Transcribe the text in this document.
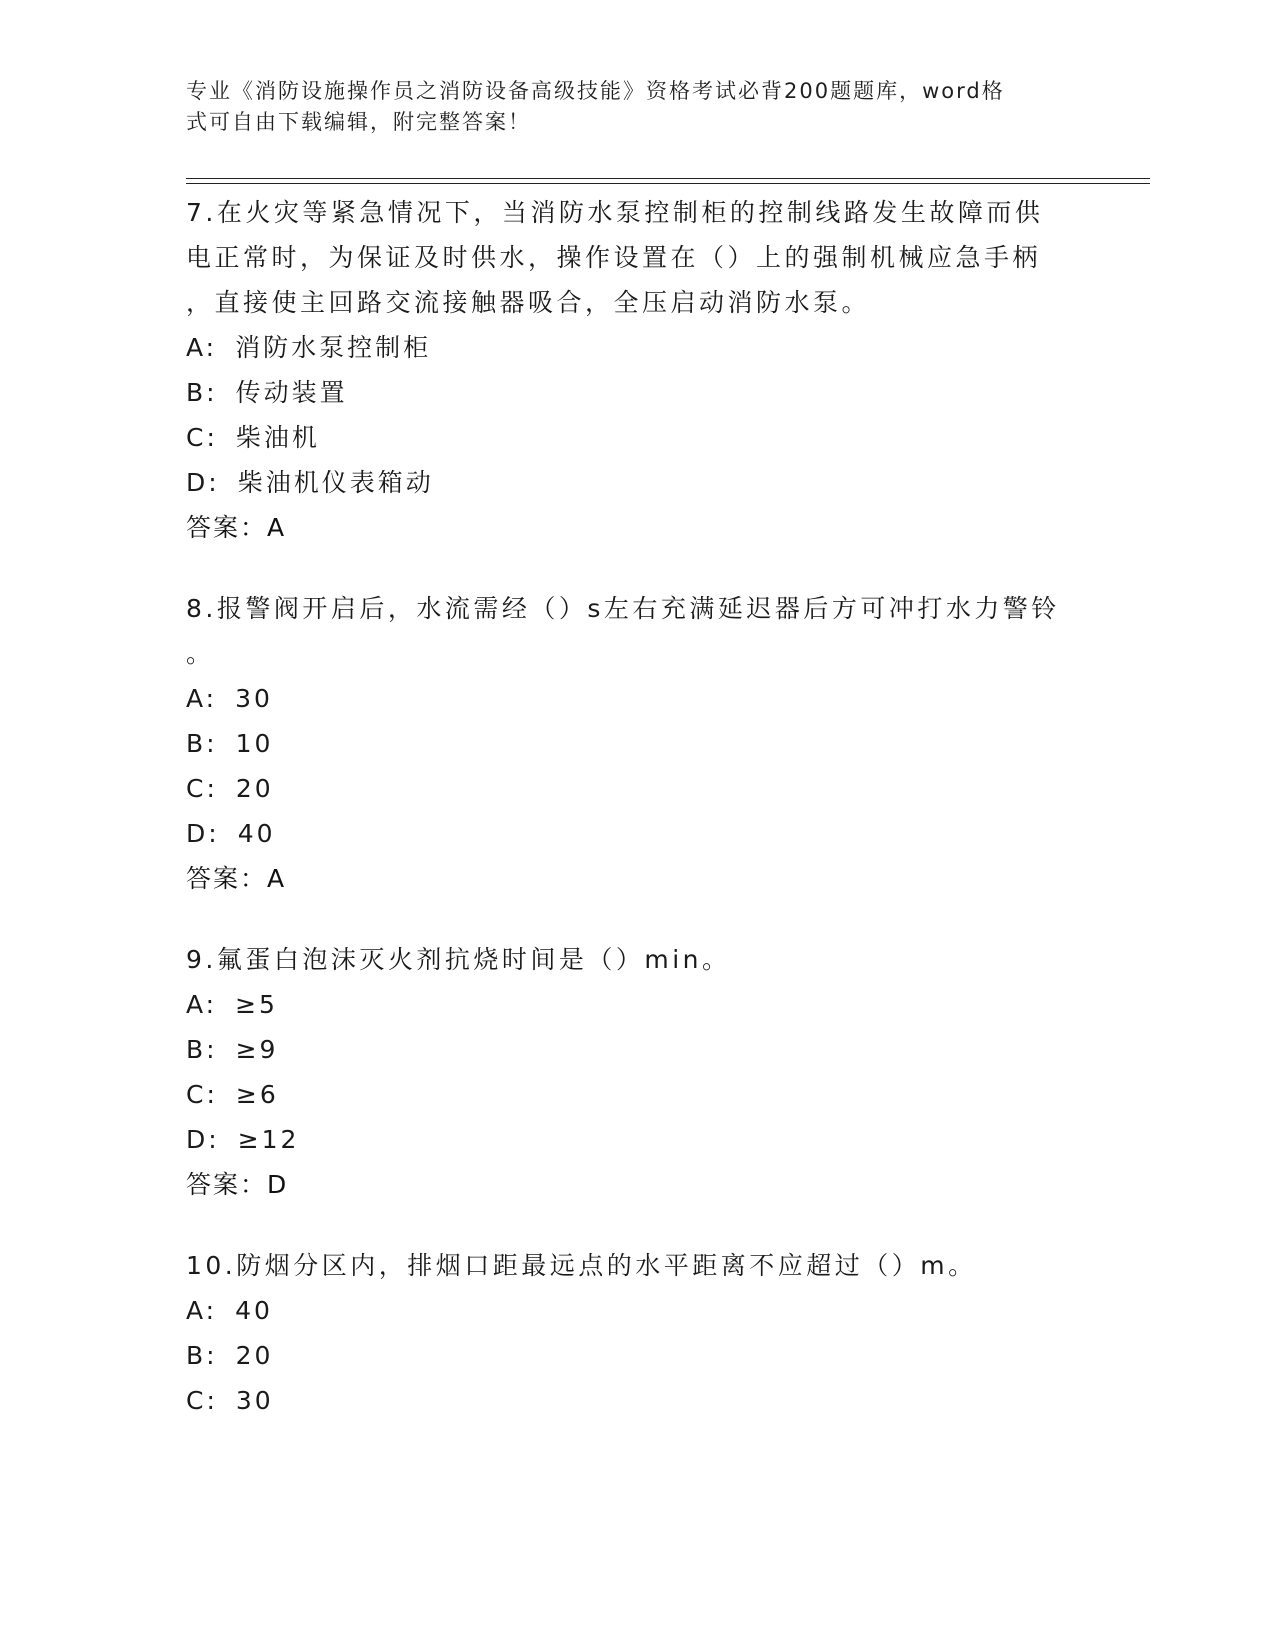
专业《消防设施操作员之消防设备高级技能》资格考试必背200题题库，word格
式可自由下载编辑，附完整答案！
7.在火灾等紧急情况下，当消防水泵控制柜的控制线路发生故障而供
电正常时，为保证及时供水，操作设置在（）上的强制机械应急手柄
，直接使主回路交流接触器吸合，全压启动消防水泵。
A: 消防水泵控制柜
B: 传动装置
C: 柴油机
D: 柴油机仪表箱动
答案：A
8.报警阀开启后，水流需经（）s左右充满延迟器后方可冲打水力警铃
。
A: 30
B: 10
C: 20
D: 40
答案：A
9.氟蛋白泡沫灭火剂抗烧时间是（）min。
A: ≥5
B: ≥9
C: ≥6
D: ≥12
答案：D
10.防烟分区内，排烟口距最远点的水平距离不应超过（）m。
A: 40
B: 20
C: 30
